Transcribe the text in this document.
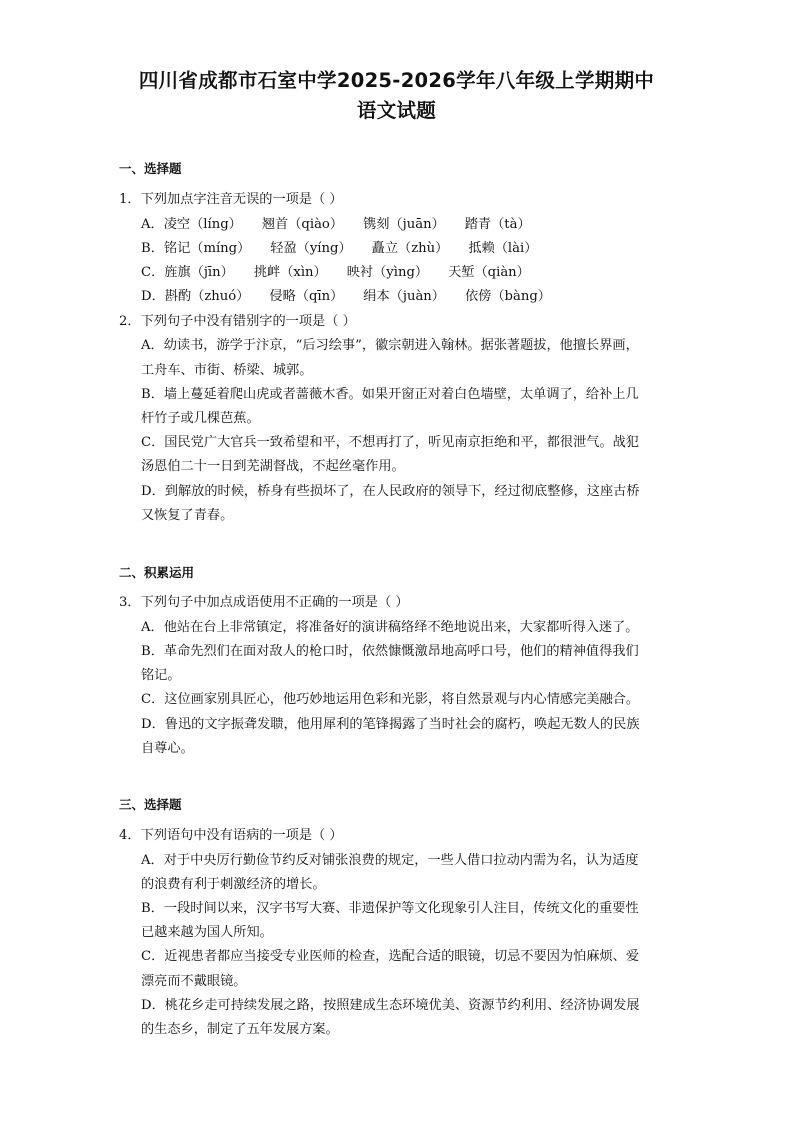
四川省成都市石室中学2025-2026学年八年级上学期期中
语文试题
一、选择题
1．下列加点字注音无误的一项是（ ）
A．凌空（líng） 翘首（qiào） 镌刻（juān） 踏青（tà）
B．铭记（míng） 轻盈（yíng） 矗立（zhù） 抵赖（lài）
C．旌旗（jīn） 挑衅（xìn） 映衬（yìng） 天堑（qiàn）
D．斟酌（zhuó） 侵略（qīn） 绢本（juàn） 依傍（bàng）
2．下列句子中没有错别字的一项是（ ）
A．幼读书，游学于汴京，“后习绘事”，徽宗朝进入翰林。据张著题拔，他擅长界画，
工舟车、市街、桥梁、城郭。
B．墙上蔓延着爬山虎或者蔷薇木香。如果开窗正对着白色墙壁，太单调了，给补上几
杆竹子或几棵芭蕉。
C．国民党广大官兵一致希望和平，不想再打了，听见南京拒绝和平，都很泄气。战犯
汤恩伯二十一日到芜湖督战，不起丝毫作用。
D．到解放的时候，桥身有些损坏了，在人民政府的领导下，经过彻底整修，这座古桥
又恢复了青春。
二、积累运用
3．下列句子中加点成语使用不正确的一项是（ ）
A．他站在台上非常镇定，将准备好的演讲稿络绎不绝地说出来，大家都听得入迷了。
B．革命先烈们在面对敌人的枪口时，依然慷慨激昂地高呼口号，他们的精神值得我们
铭记。
C．这位画家别具匠心，他巧妙地运用色彩和光影，将自然景观与内心情感完美融合。
D．鲁迅的文字振聋发聩，他用犀利的笔锋揭露了当时社会的腐朽，唤起无数人的民族
自尊心。
三、选择题
4．下列语句中没有语病的一项是（ ）
A．对于中央厉行勤俭节约反对铺张浪费的规定，一些人借口拉动内需为名，认为适度
的浪费有利于刺激经济的增长。
B．一段时间以来，汉字书写大赛、非遗保护等文化现象引人注目，传统文化的重要性
已越来越为国人所知。
C．近视患者都应当接受专业医师的检查，选配合适的眼镜，切忌不要因为怕麻烦、爱
漂亮而不戴眼镜。
D．桃花乡走可持续发展之路，按照建成生态环境优美、资源节约利用、经济协调发展
的生态乡，制定了五年发展方案。
